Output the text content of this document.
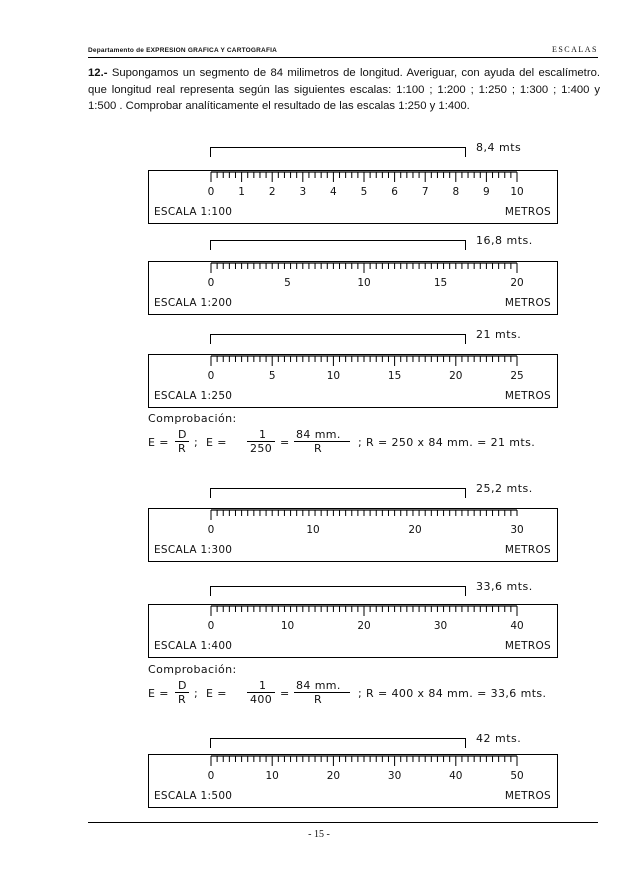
Departamento de EXPRESION GRAFICA Y CARTOGRAFIA	ESCALAS
12.- Supongamos un segmento de 84 milimetros de longitud. Averiguar, con ayuda del escalímetro. que longitud real representa según las siguientes escalas: 1:100 ; 1:200 ; 1:250 ; 1:300 ; 1:400 y 1:500 . Comprobar analíticamente el resultado de las escalas 1:250 y 1:400.
8,4 mts
ESCALA 1:100	METROS
0 1 2 3 4 5 6 7 8 9 10
16,8 mts.
ESCALA 1:200	METROS
0	5	10	15	20
21 mts.
ESCALA 1:250	METROS
0	5	10	15	20	25
Comprobación:
E =
D
R ; E =
1
250 =
84 mm.
R	; R = 250 x 84 mm. = 21 mts.
25,2 mts.
ESCALA 1:300	METROS
0	10	20	30
33,6 mts.
ESCALA 1:400	METROS
0	10	20	30	40
Comprobación:
E =
D
R ; E =
1
400 =
84 mm.
R	; R = 400 x 84 mm. = 33,6 mts.
42 mts.
ESCALA 1:500	METROS
0	10	20	30	40	50
- 15 -
